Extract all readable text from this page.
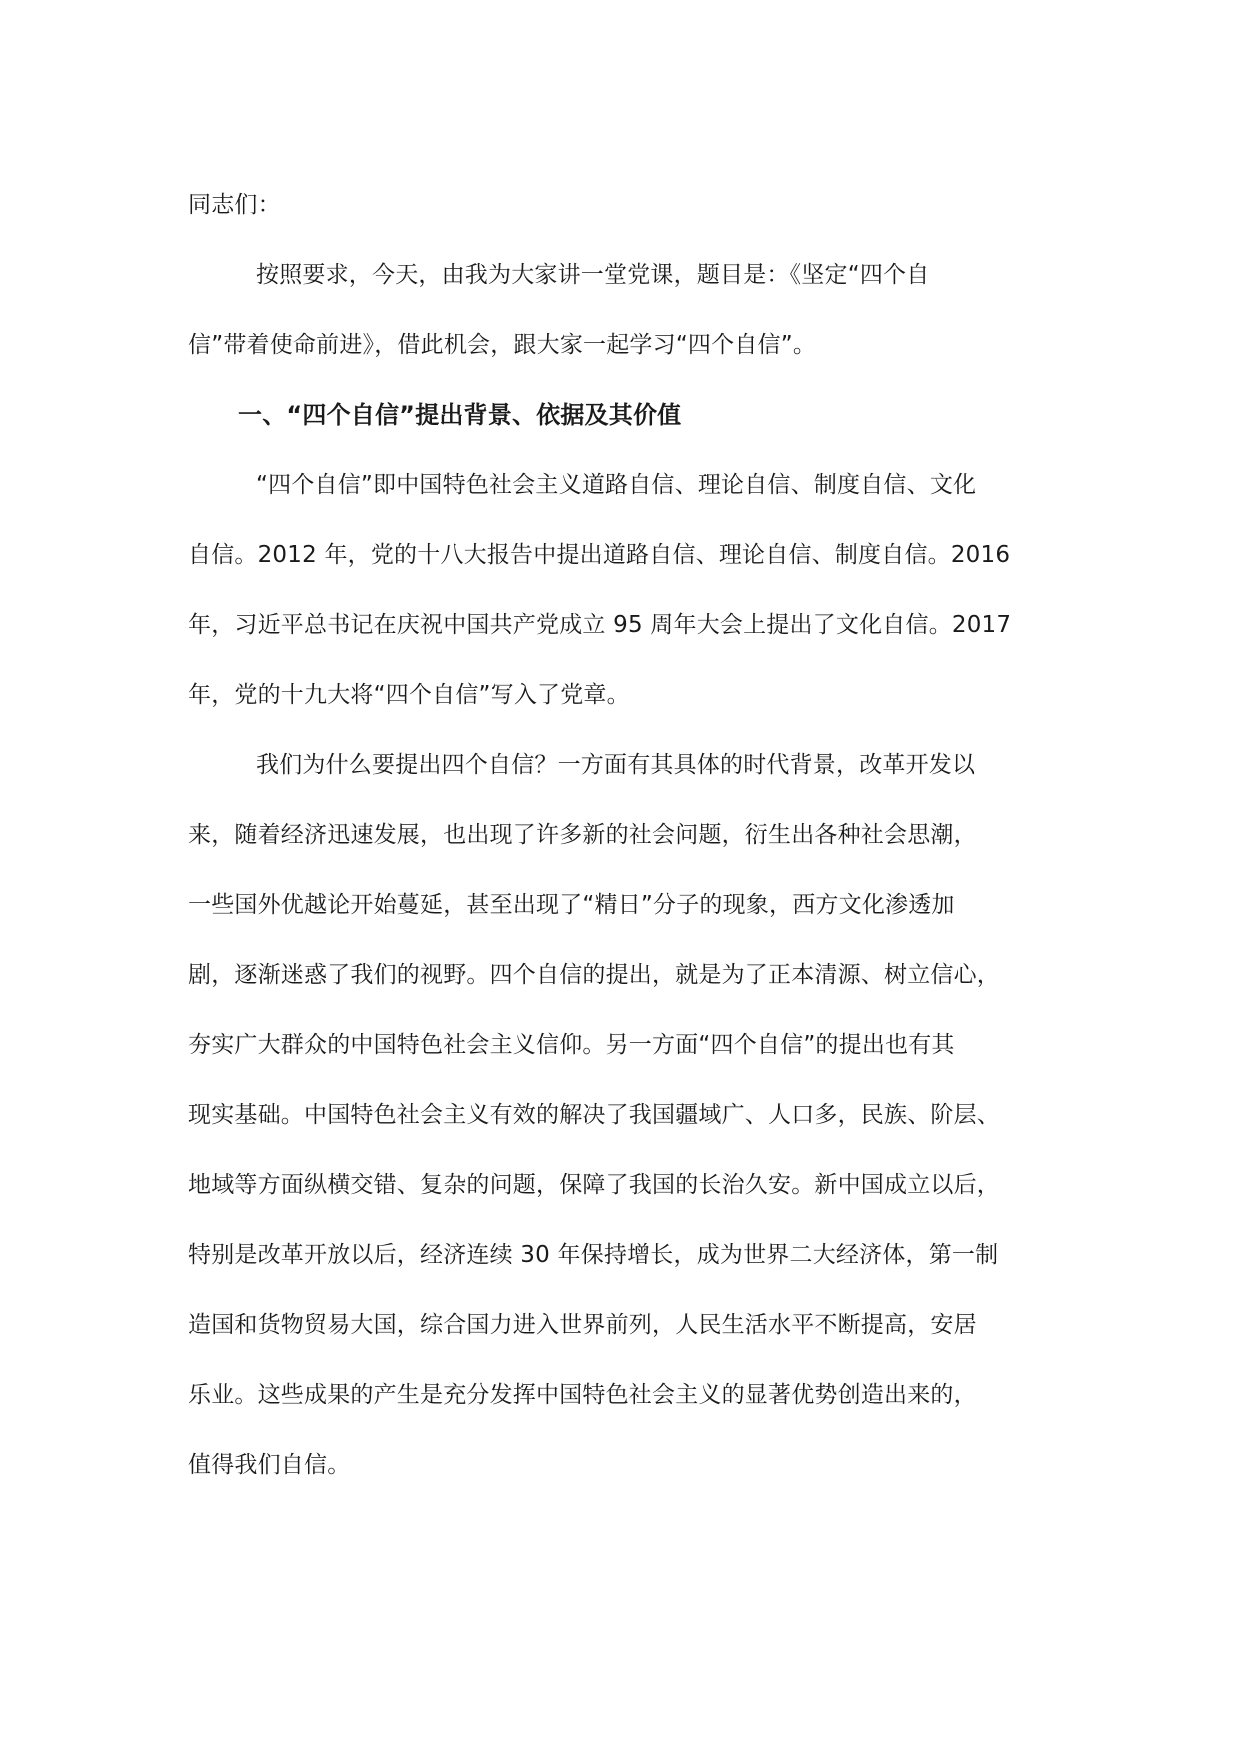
同志们：
按照要求，今天，由我为大家讲一堂党课，题目是：《坚定“四个自
信”带着使命前进》，借此机会，跟大家一起学习“四个自信”。
一、“四个自信”提出背景、依据及其价值
“四个自信”即中国特色社会主义道路自信、理论自信、制度自信、文化
自信。2012 年，党的十八大报告中提出道路自信、理论自信、制度自信。2016
年，习近平总书记在庆祝中国共产党成立 95 周年大会上提出了文化自信。2017
年，党的十九大将“四个自信”写入了党章。
我们为什么要提出四个自信？一方面有其具体的时代背景，改革开发以
来，随着经济迅速发展，也出现了许多新的社会问题，衍生出各种社会思潮，
一些国外优越论开始蔓延，甚至出现了“精日”分子的现象，西方文化渗透加
剧，逐渐迷惑了我们的视野。四个自信的提出，就是为了正本清源、树立信心，
夯实广大群众的中国特色社会主义信仰。另一方面“四个自信”的提出也有其
现实基础。中国特色社会主义有效的解决了我国疆域广、人口多，民族、阶层、
地域等方面纵横交错、复杂的问题，保障了我国的长治久安。新中国成立以后，
特别是改革开放以后，经济连续 30 年保持增长，成为世界二大经济体，第一制
造国和货物贸易大国，综合国力进入世界前列，人民生活水平不断提高，安居
乐业。这些成果的产生是充分发挥中国特色社会主义的显著优势创造出来的，
值得我们自信。
